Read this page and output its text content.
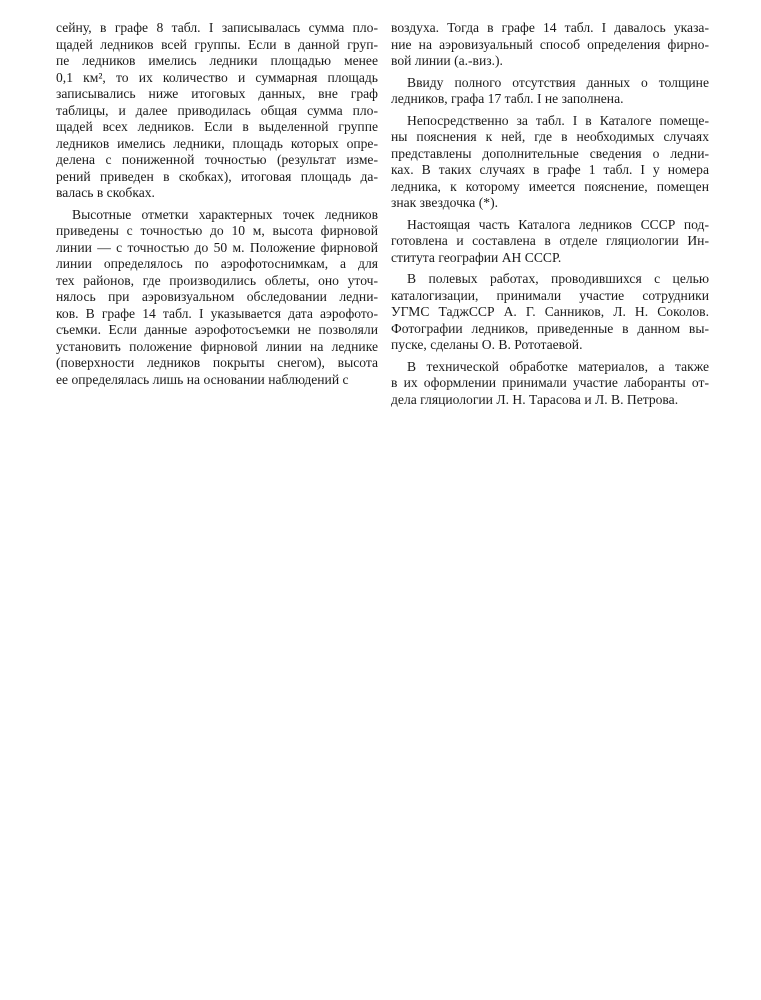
сейну, в графе 8 табл. I записывалась сумма пло-
щадей ледников всей группы. Если в данной груп-
пе ледников имелись ледники площадью менее
0,1 км², то их количество и суммарная площадь
записывались ниже итоговых данных, вне граф
таблицы, и далее приводилась общая сумма пло-
щадей всех ледников. Если в выделенной группе
ледников имелись ледники, площадь которых опре-
делена с пониженной точностью (результат изме-
рений приведен в скобках), итоговая площадь да-
валась в скобках.
Высотные отметки характерных точек ледников
приведены с точностью до 10 м, высота фирновой
линии — с точностью до 50 м. Положение фирновой
линии определялось по аэрофотоснимкам, а для
тех районов, где производились облеты, оно уточ-
нялось при аэровизуальном обследовании ледни-
ков. В графе 14 табл. I указывается дата аэрофото-
съемки. Если данные аэрофотосъемки не позволяли
установить положение фирновой линии на леднике
(поверхности ледников покрыты снегом), высота
ее определялась лишь на основании наблюдений с
воздуха. Тогда в графе 14 табл. I давалось указа-
ние на аэровизуальный способ определения фирно-
вой линии (а.-виз.).
Ввиду полного отсутствия данных о толщине
ледников, графа 17 табл. I не заполнена.
Непосредственно за табл. I в Каталоге помеще-
ны пояснения к ней, где в необходимых случаях
представлены дополнительные сведения о ледни-
ках. В таких случаях в графе 1 табл. I у номера
ледника, к которому имеется пояснение, помещен
знак звездочка (*).
Настоящая часть Каталога ледников СССР под-
готовлена и составлена в отделе гляциологии Ин-
ститута географии АН СССР.
В полевых работах, проводившихся с целью
каталогизации, принимали участие сотрудники
УГМС ТаджССР А. Г. Санников, Л. Н. Соколов.
Фотографии ледников, приведенные в данном вы-
пуске, сделаны О. В. Рототаевой.
В технической обработке материалов, а также
в их оформлении принимали участие лаборанты от-
дела гляциологии Л. Н. Тарасова и Л. В. Петрова.
